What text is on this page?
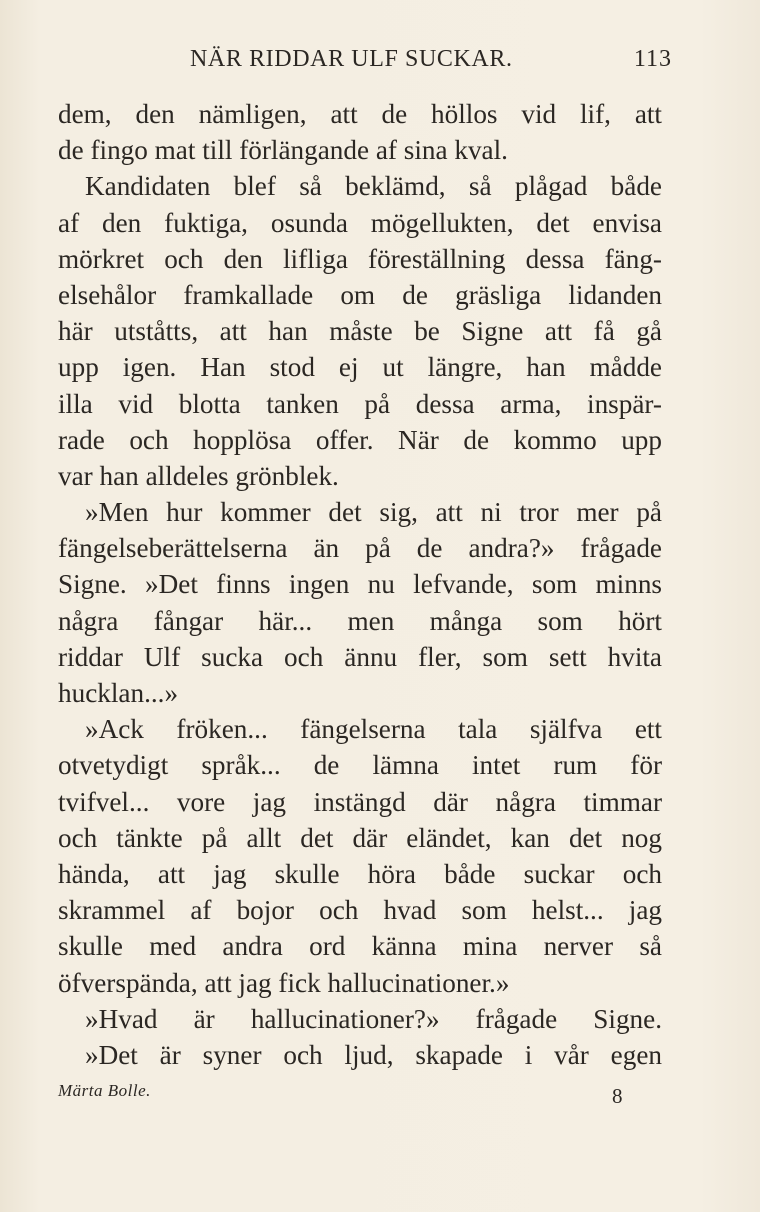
NÄR RIDDAR ULF SUCKAR.	113
dem, den nämligen, att de höllos vid lif, att
de fingo mat till förlängande af sina kval.
Kandidaten blef så beklämd, så plågad både
af den fuktiga, osunda mögellukten, det envisa
mörkret och den lifliga föreställning dessa fäng-
elsehålor framkallade om de gräsliga lidanden
här utståtts, att han måste be Signe att få gå
upp igen. Han stod ej ut längre, han mådde
illa vid blotta tanken på dessa arma, inspär-
rade och hopplösa offer. När de kommo upp
var han alldeles grönblek.
»Men hur kommer det sig, att ni tror mer på
fängelseberättelserna än på de andra?» frågade
Signe. »Det finns ingen nu lefvande, som minns
några fångar här... men många som hört
riddar Ulf sucka och ännu fler, som sett hvita
hucklan...»
»Ack fröken... fängelserna tala själfva ett
otvetydigt språk... de lämna intet rum för
tvifvel... vore jag instängd där några timmar
och tänkte på allt det där eländet, kan det nog
hända, att jag skulle höra både suckar och
skrammel af bojor och hvad som helst... jag
skulle med andra ord känna mina nerver så
öfverspända, att jag fick hallucinationer.»
»Hvad är hallucinationer?» frågade Signe.
»Det är syner och ljud, skapade i vår egen
Märta Bolle.	8
